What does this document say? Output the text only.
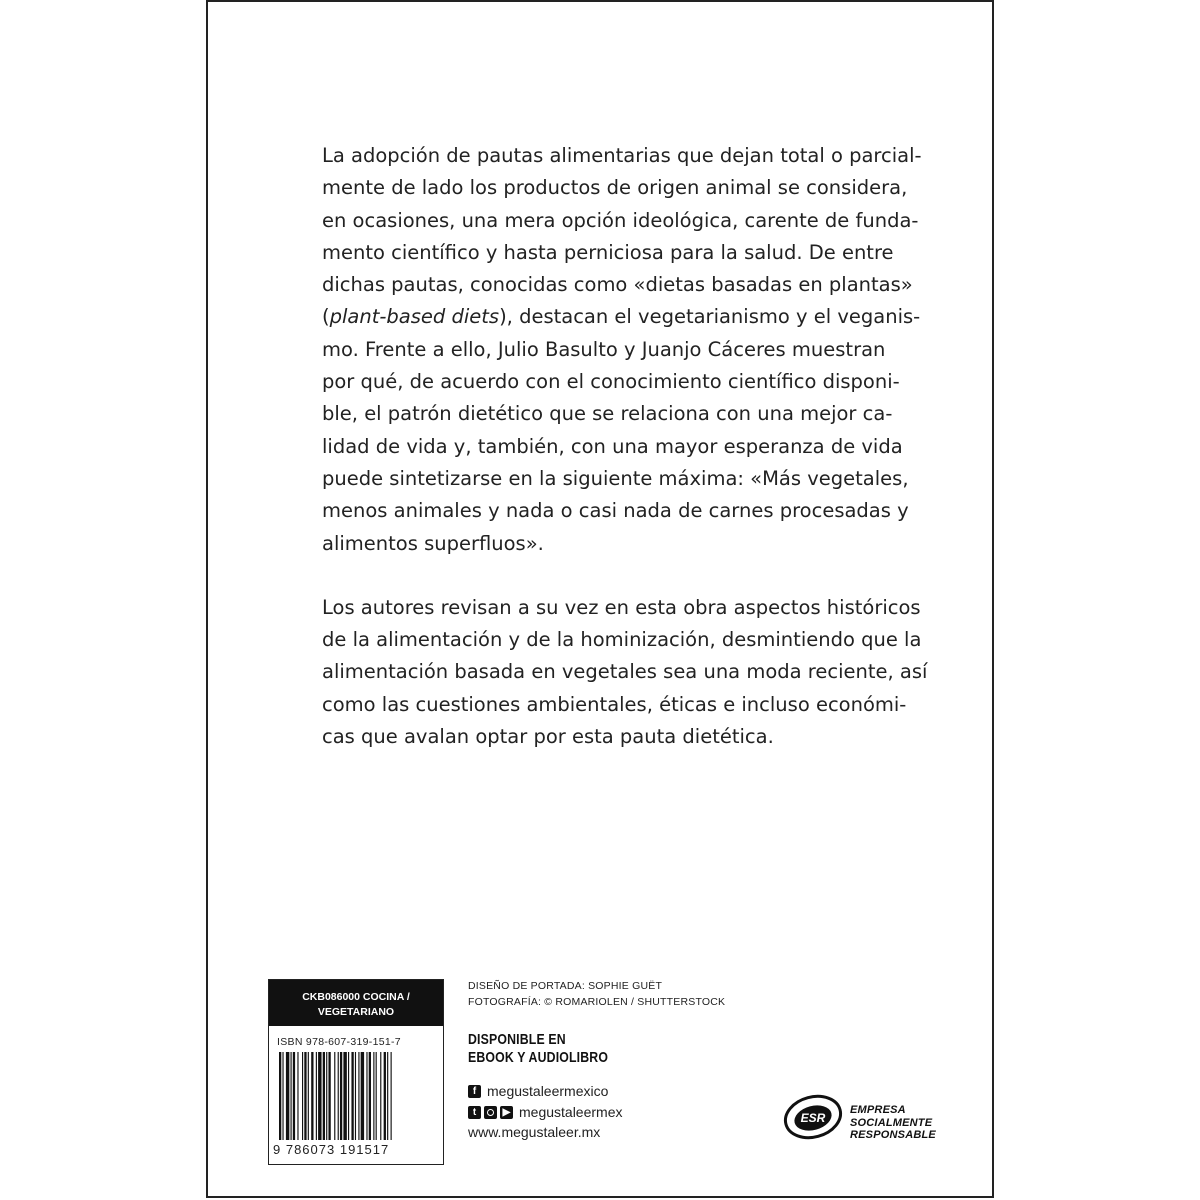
La adopción de pautas alimentarias que dejan total o parcial-
mente de lado los productos de origen animal se considera,
en ocasiones, una mera opción ideológica, carente de funda-
mento científico y hasta perniciosa para la salud. De entre
dichas pautas, conocidas como «dietas basadas en plantas»
(plant-based diets), destacan el vegetarianismo y el veganis-
mo. Frente a ello, Julio Basulto y Juanjo Cáceres muestran
por qué, de acuerdo con el conocimiento científico disponi-
ble, el patrón dietético que se relaciona con una mejor ca-
lidad de vida y, también, con una mayor esperanza de vida
puede sintetizarse en la siguiente máxima: «Más vegetales,
menos animales y nada o casi nada de carnes procesadas y
alimentos superfluos».
Los autores revisan a su vez en esta obra aspectos históricos
de la alimentación y de la hominización, desmintiendo que la
alimentación basada en vegetales sea una moda reciente, así
como las cuestiones ambientales, éticas e incluso económi-
cas que avalan optar por esta pauta dietética.
CKB086000 COCINA /
VEGETARIANO
ISBN 978-607-319-151-7
9 786073 191517
DISEÑO DE PORTADA: SOPHIE GUËT
FOTOGRAFÍA: © ROMARIOLEN / SHUTTERSTOCK
DISPONIBLE EN
EBOOK Y AUDIOLIBRO
f megustaleermexico
t	▶ megustaleermex
www.megustaleer.mx
ESR
EMPRESA
SOCIALMENTE
RESPONSABLE
